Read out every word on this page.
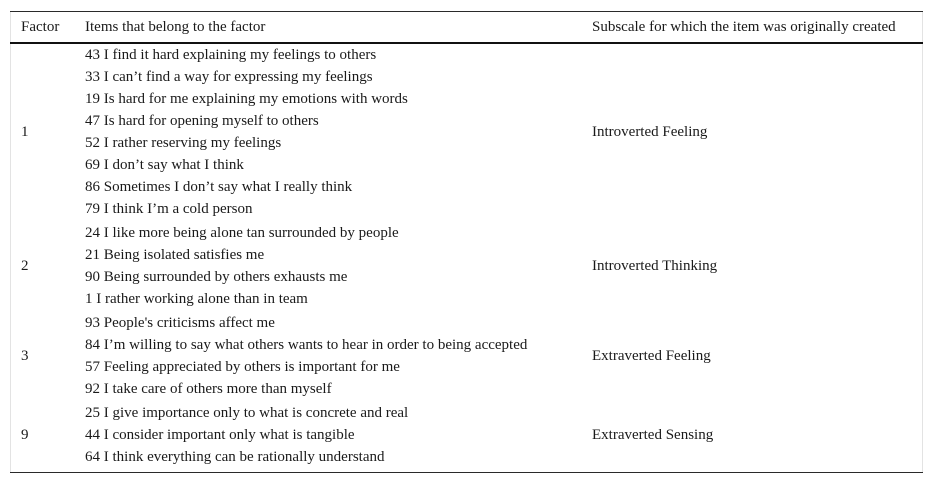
Factor Items that belong to the factor	Subscale for which the item was originally created
1
43 I find it hard explaining my feelings to others
33 I can’t find a way for expressing my feelings
19 Is hard for me explaining my emotions with words
47 Is hard for opening myself to others
52 I rather reserving my feelings
69 I don’t say what I think
86 Sometimes I don’t say what I really think
79 I think I’m a cold person
Introverted Feeling
2
24 I like more being alone tan surrounded by people
21 Being isolated satisfies me
90 Being surrounded by others exhausts me
1 I rather working alone than in team
Introverted Thinking
3
93 People's criticisms affect me
84 I’m willing to say what others wants to hear in order to being accepted
57 Feeling appreciated by others is important for me
92 I take care of others more than myself
Extraverted Feeling
9
25 I give importance only to what is concrete and real
44 I consider important only what is tangible
64 I think everything can be rationally understand
Extraverted Sensing
